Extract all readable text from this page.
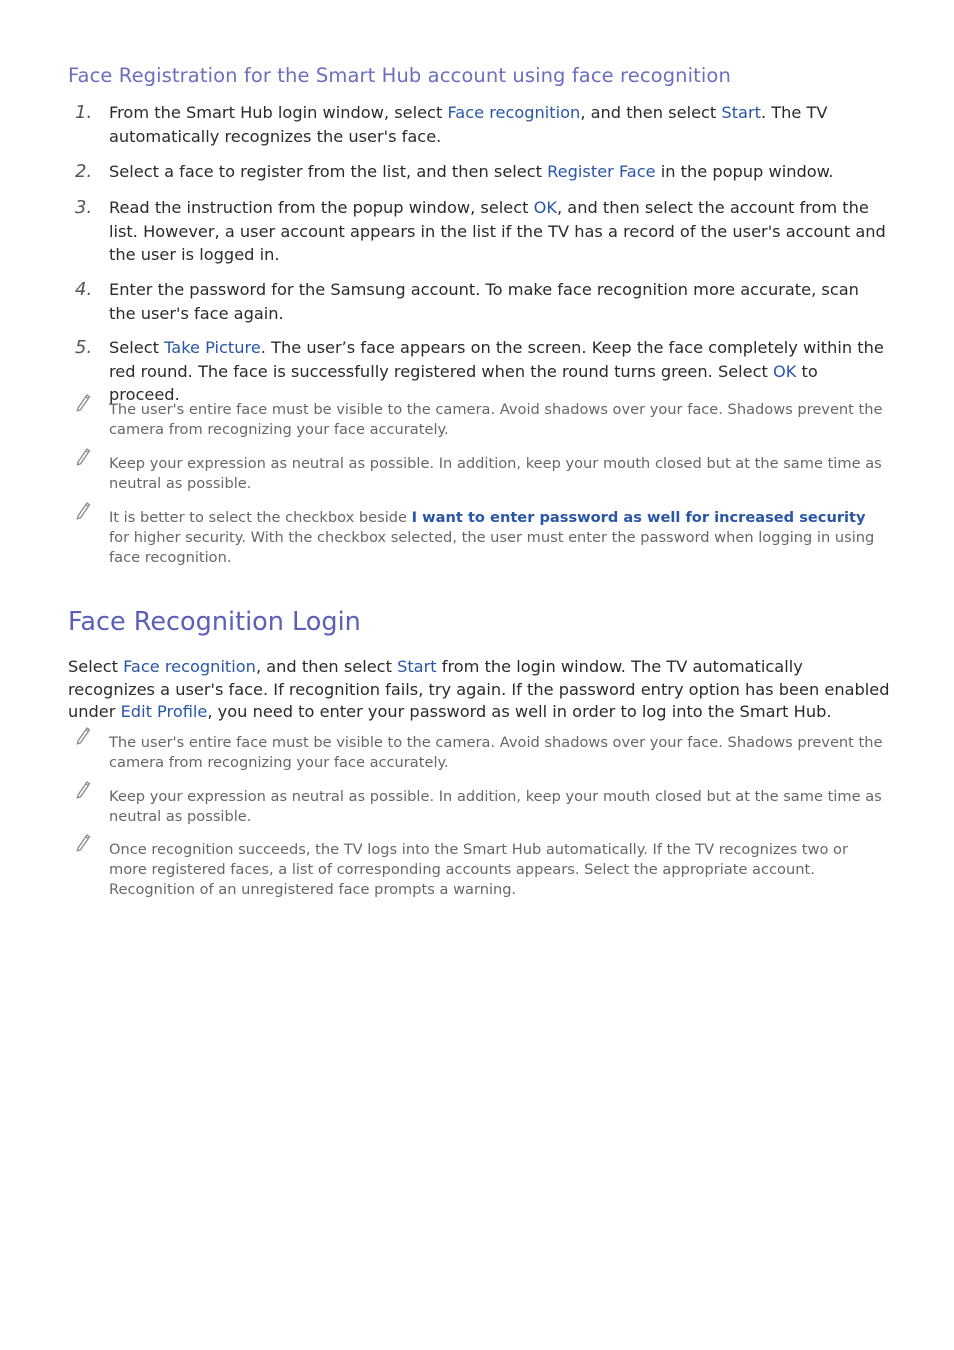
Face Registration for the Smart Hub account using face recognition
1. From the Smart Hub login window, select Face recognition, and then select Start. The TV automatically recognizes the user's face.
2. Select a face to register from the list, and then select Register Face in the popup window.
3. Read the instruction from the popup window, select OK, and then select the account from the list. However, a user account appears in the list if the TV has a record of the user's account and the user is logged in.
4. Enter the password for the Samsung account. To make face recognition more accurate, scan the user's face again.
5. Select Take Picture. The user’s face appears on the screen. Keep the face completely within the red round. The face is successfully registered when the round turns green. Select OK to proceed.
The user's entire face must be visible to the camera. Avoid shadows over your face. Shadows prevent the camera from recognizing your face accurately.
Keep your expression as neutral as possible. In addition, keep your mouth closed but at the same time as neutral as possible.
It is better to select the checkbox beside I want to enter password as well for increased security for higher security. With the checkbox selected, the user must enter the password when logging in using face recognition.
Face Recognition Login

Select Face recognition, and then select Start from the login window. The TV automatically recognizes a user's face. If recognition fails, try again. If the password entry option has been enabled under Edit Profile, you need to enter your password as well in order to log into the Smart Hub.

The user's entire face must be visible to the camera. Avoid shadows over your face. Shadows prevent the camera from recognizing your face accurately.
Keep your expression as neutral as possible. In addition, keep your mouth closed but at the same time as neutral as possible.
Once recognition succeeds, the TV logs into the Smart Hub automatically. If the TV recognizes two or more registered faces, a list of corresponding accounts appears. Select the appropriate account. Recognition of an unregistered face prompts a warning.
